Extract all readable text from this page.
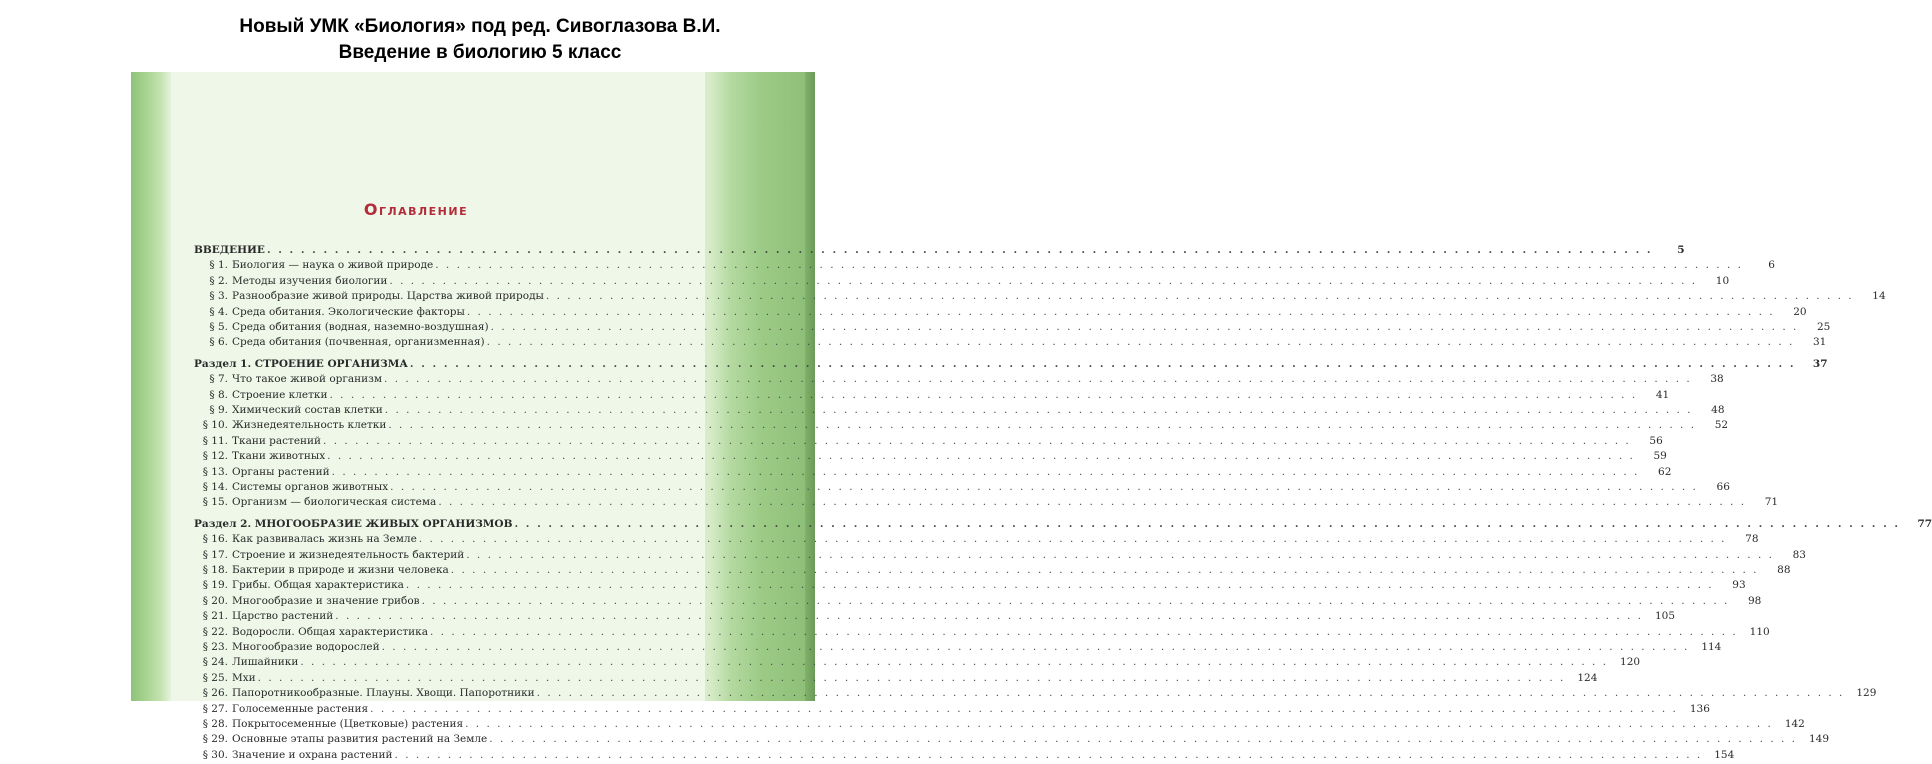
Новый УМК «Биология» под ред. Сивоглазова В.И.
Введение в биологию 5 класс
Оглавление
ВВЕДЕНИЕ . . .	5
§ 1. Биология — наука о живой природе . . .	6
§ 2. Методы изучения биологии . . .	10
§ 3. Разнообразие живой природы. Царства живой природы . . .	14
§ 4. Среда обитания. Экологические факторы . . .	20
§ 5. Среда обитания (водная, наземно-воздушная) . . .	25
§ 6. Среда обитания (почвенная, организменная) . . .	31
Раздел 1. СТРОЕНИЕ ОРГАНИЗМА . . .	37
§ 7. Что такое живой организм . . .	38
§ 8. Строение клетки . . .	41
§ 9. Химический состав клетки . . .	48
§ 10. Жизнедеятельность клетки . . .	52
§ 11. Ткани растений . . .	56
§ 12. Ткани животных . . .	59
§ 13. Органы растений . . .	62
§ 14. Системы органов животных . . .	66
§ 15. Организм — биологическая система . . .	71
Раздел 2. МНОГООБРАЗИЕ ЖИВЫХ ОРГАНИЗМОВ . . .	77
§ 16. Как развивалась жизнь на Земле . . .	78
§ 17. Строение и жизнедеятельность бактерий . . .	83
§ 18. Бактерии в природе и жизни человека . . .	88
§ 19. Грибы. Общая характеристика . . .	93
§ 20. Многообразие и значение грибов . . .	98
§ 21. Царство растений . . .	105
§ 22. Водоросли. Общая характеристика . . .	110
§ 23. Многообразие водорослей . . .	114
§ 24. Лишайники . . .	120
§ 25. Мхи . . .	124
§ 26. Папоротникообразные. Плауны. Хвощи. Папоротники . . .	129
§ 27. Голосеменные растения . . .	136
§ 28. Покрытосеменные (Цветковые) растения . . .	142
§ 29. Основные этапы развития растений на Земле . . .	149
§ 30. Значение и охрана растений . . .	154
